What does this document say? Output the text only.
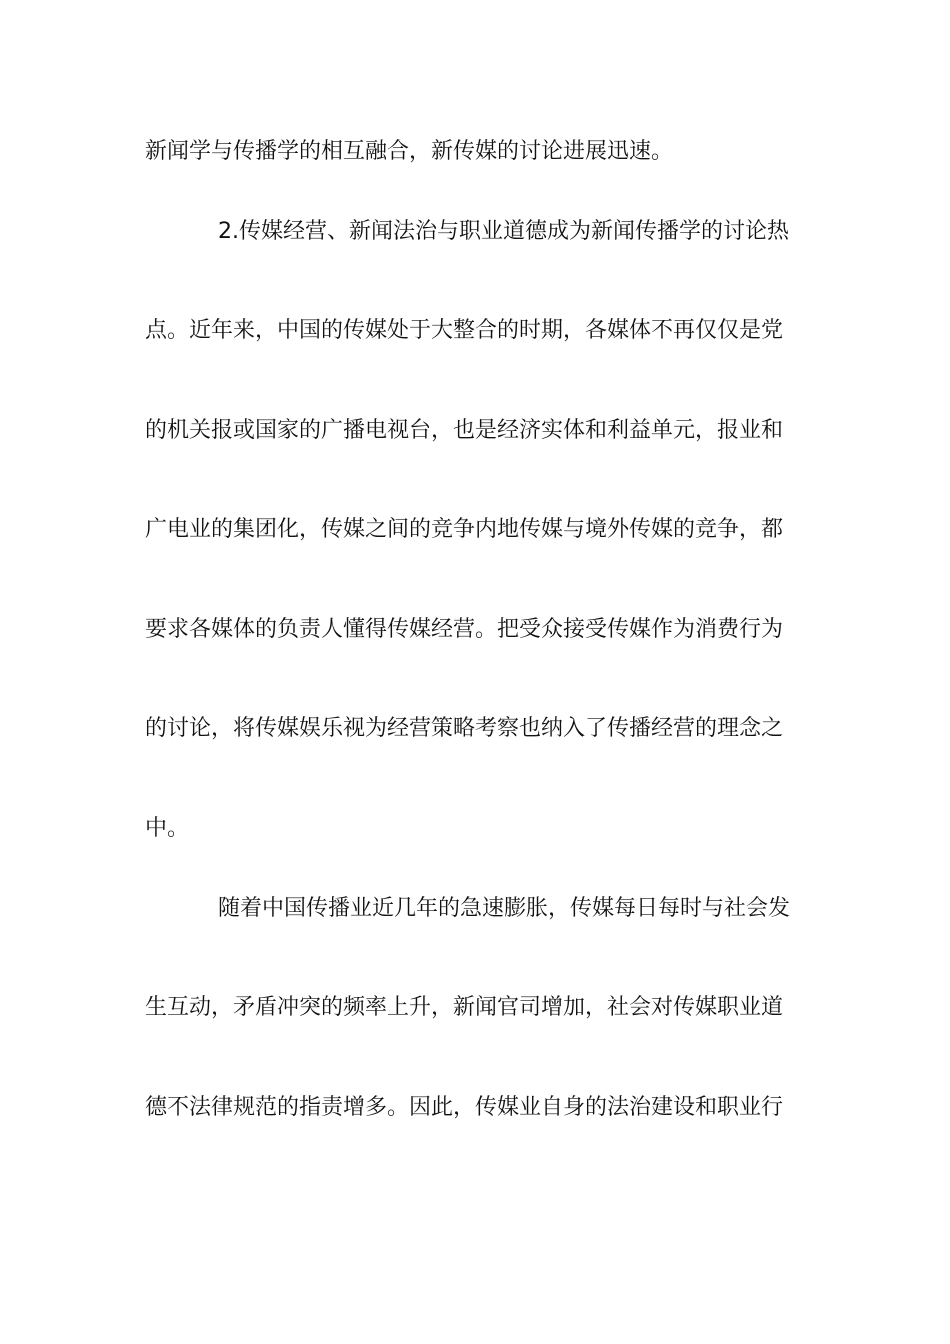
新闻学与传播学的相互融合，新传媒的讨论进展迅速。
2.传媒经营、新闻法治与职业道德成为新闻传播学的讨论热
点。近年来，中国的传媒处于大整合的时期，各媒体不再仅仅是党
的机关报或国家的广播电视台，也是经济实体和利益单元，报业和
广电业的集团化，传媒之间的竞争内地传媒与境外传媒的竞争，都
要求各媒体的负责人懂得传媒经营。把受众接受传媒作为消费行为
的讨论，将传媒娱乐视为经营策略考察也纳入了传播经营的理念之
中。
随着中国传播业近几年的急速膨胀，传媒每日每时与社会发
生互动，矛盾冲突的频率上升，新闻官司增加，社会对传媒职业道
德不法律规范的指责增多。因此，传媒业自身的法治建设和职业行
